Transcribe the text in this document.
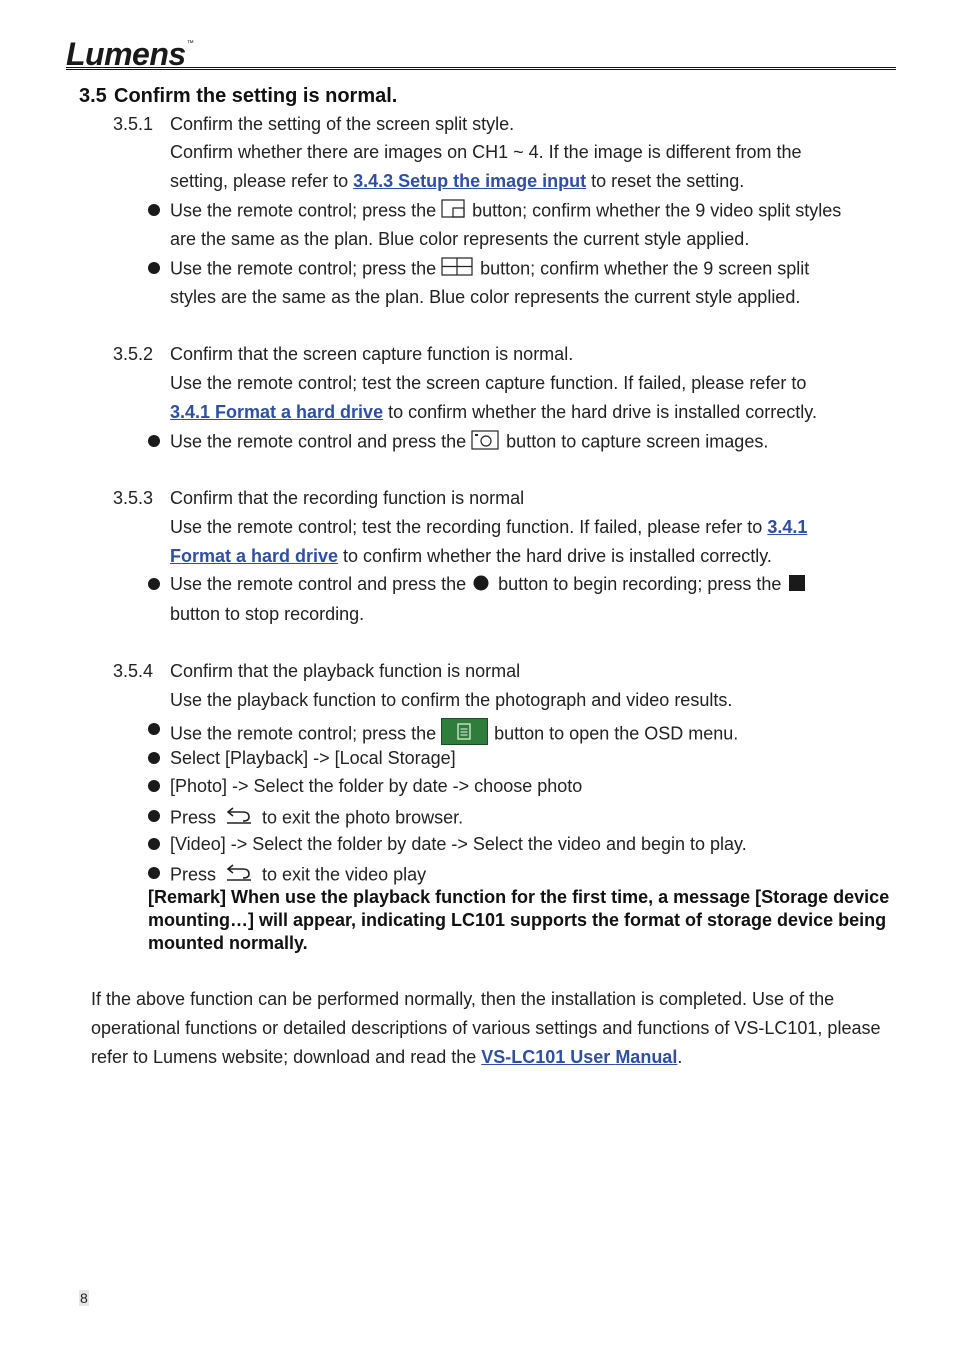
Lumens™
3.5 Confirm the setting is normal.
3.5.1 Confirm the setting of the screen split style.
Confirm whether there are images on CH1 ~ 4. If the image is different from the
setting, please refer to 3.4.3 Setup the image input to reset the setting.
Use the remote control; press the  button; confirm whether the 9 video split styles
are the same as the plan. Blue color represents the current style applied.
Use the remote control; press the  button; confirm whether the 9 screen split
styles are the same as the plan. Blue color represents the current style applied.
3.5.2 Confirm that the screen capture function is normal.
Use the remote control; test the screen capture function. If failed, please refer to
3.4.1 Format a hard drive to confirm whether the hard drive is installed correctly.
Use the remote control and press the  button to capture screen images.
3.5.3 Confirm that the recording function is normal
Use the remote control; test the recording function. If failed, please refer to 3.4.1
Format a hard drive to confirm whether the hard drive is installed correctly.
Use the remote control and press the  button to begin recording; press the
button to stop recording.
3.5.4 Confirm that the playback function is normal
Use the playback function to confirm the photograph and video results.
Use the remote control; press the	button to open the OSD menu.
Select [Playback] -> [Local Storage]
[Photo] -> Select the folder by date -> choose photo
Press  to exit the photo browser.
[Video] -> Select the folder by date -> Select the video and begin to play.
Press  to exit the video play
[Remark] When use the playback function for the first time, a message [Storage device mounting…] will appear, indicating LC101 supports the format of storage device being mounted normally.
If the above function can be performed normally, then the installation is completed. Use of the operational functions or detailed descriptions of various settings and functions of VS-LC101, please refer to Lumens website; download and read the VS-LC101 User Manual.
8
